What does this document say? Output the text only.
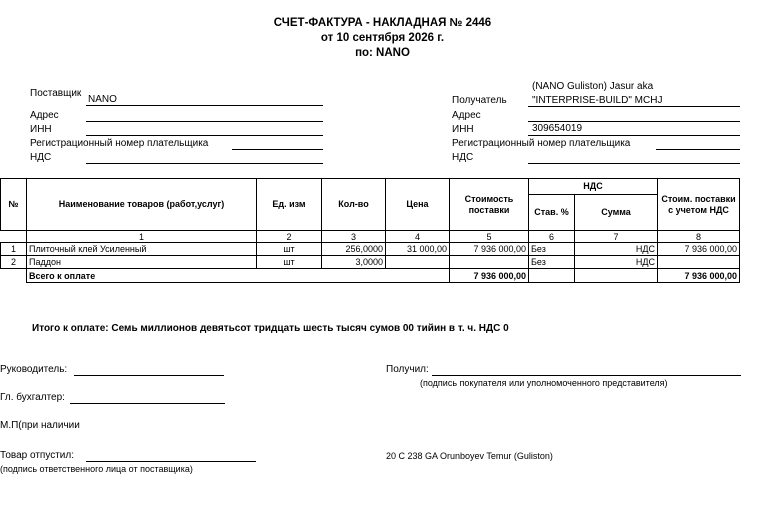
СЧЕТ-ФАКТУРА - НАКЛАДНАЯ № 2446
от 10 сентября 2026 г.
по: NANO
Поставщик
NANO
Адрес
ИНН
Регистрационный номер плательщика
НДС
(NANO Guliston) Jasur aka
Получатель	"INTERPRISE-BUILD" MCHJ
Адрес
ИНН	309654019
Регистрационный номер плательщика
НДС
№	Наименование товаров (работ,услуг)	Ед. изм	Кол-во	Цена	Стоимость поставки	НДС		Стоим. поставки с учетом НДС
						Став. %	Сумма	
	1	2	3	4	5	6	7	8
1	Плиточный клей Усиленный	шт	256,0000	31 000,00	7 936 000,00	Без	НДС	7 936 000,00
2	Паддон	шт	3,0000			Без	НДС	
	Всего к оплате				7 936 000,00			7 936 000,00
Итого к оплате: Семь миллионов девятьсот тридцать шесть тысяч сумов 00 тийин в т. ч. НДС 0
Руководитель:	Получил:
(подпись покупателя или уполномоченного представителя)
Гл. бухгалтер:
М.П(при наличии
Товар отпустил:
(подпись ответственного лица от поставщика)
20 C 238 GA Orunboyev Temur (Guliston)
